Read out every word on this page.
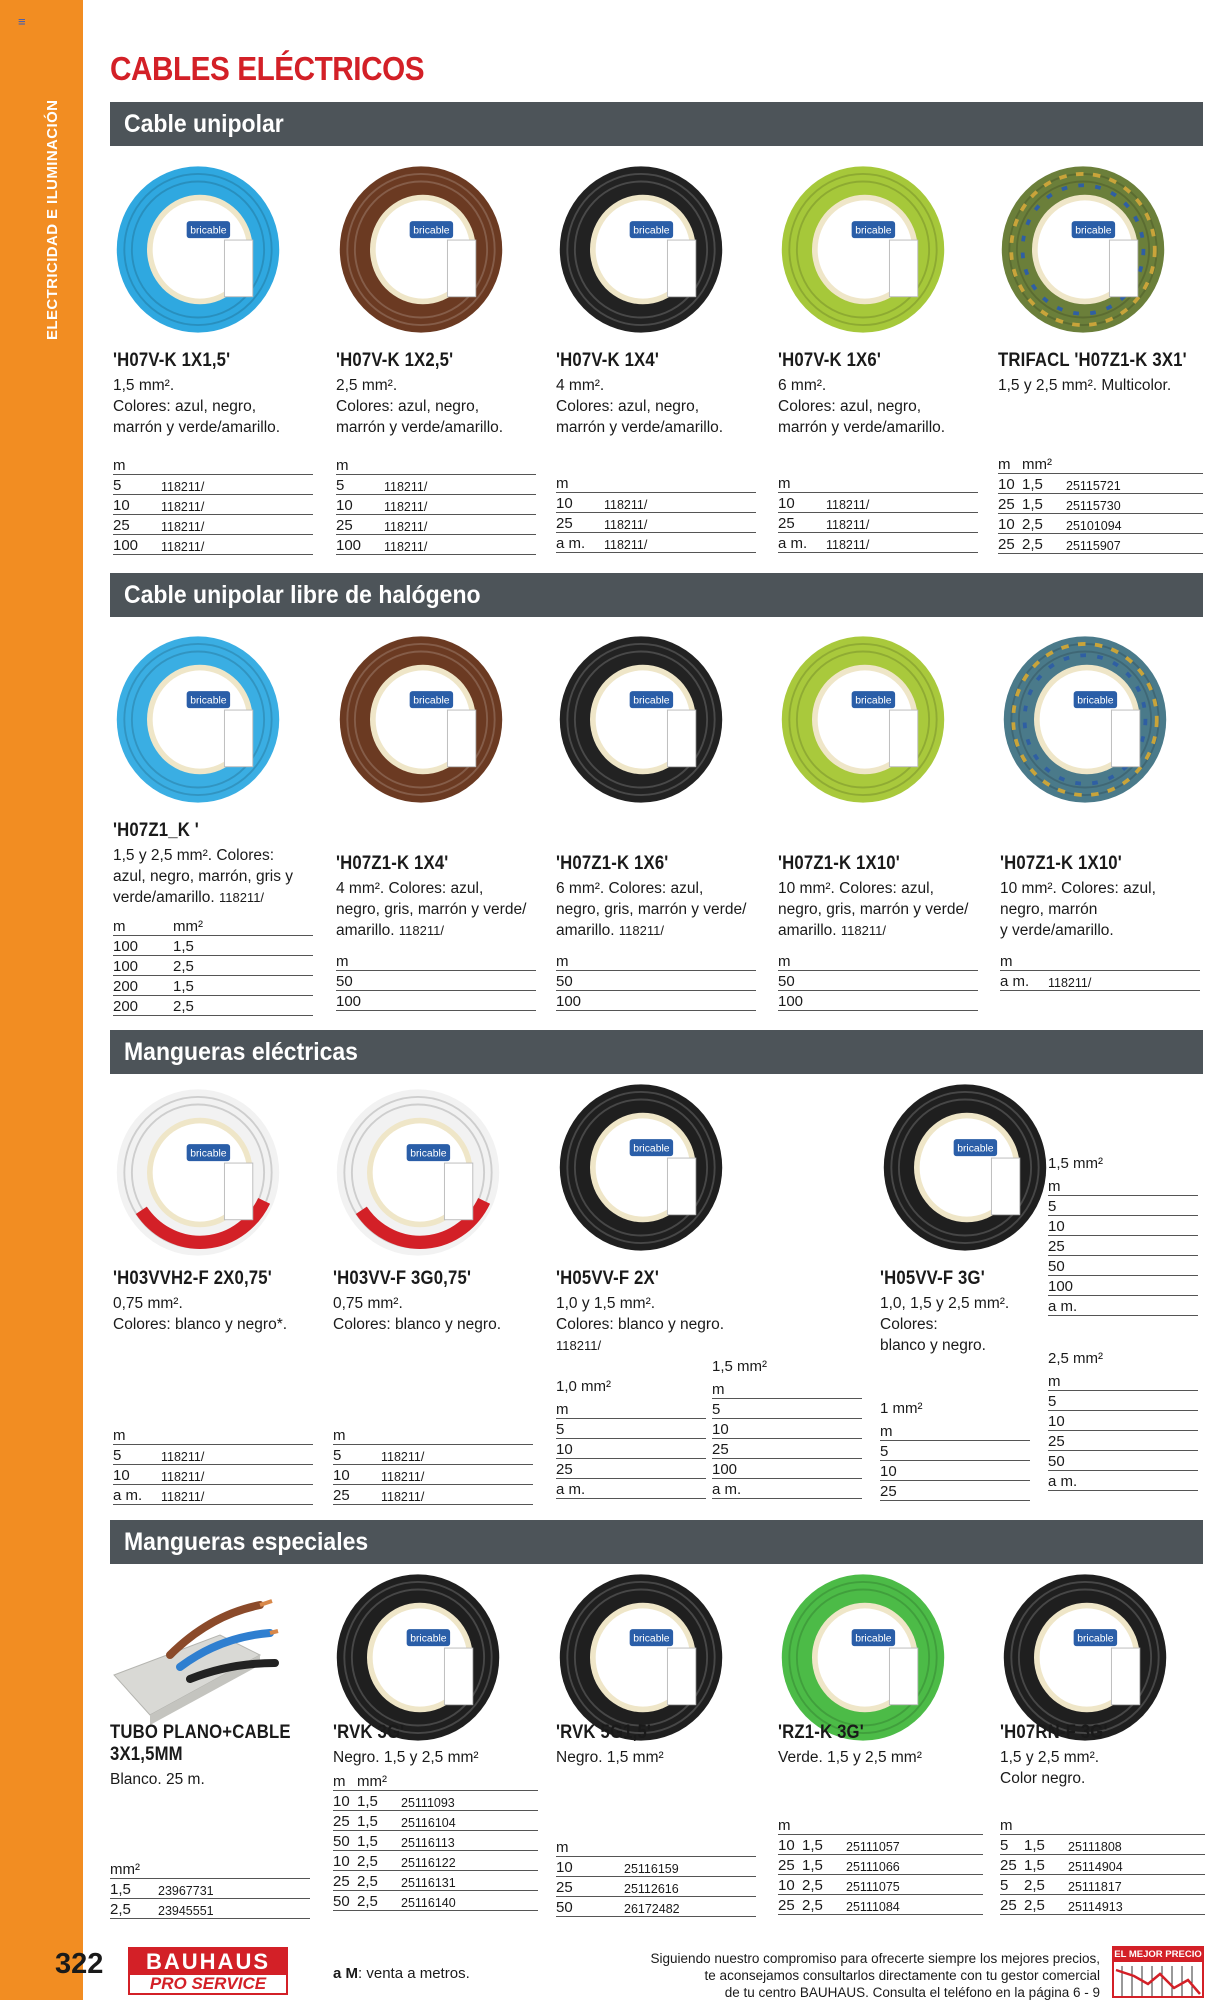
≡
ELECTRICIDAD E ILUMINACIÓN
CABLES ELÉCTRICOS
Cable unipolar
Cable unipolar libre de halógeno
Mangueras eléctricas
Mangueras especiales
bricable
'H07V-K 1X1,5'
1,5 mm².
Colores: azul, negro,
marrón y verde/amarillo.
m	
5	118211/
10	118211/
25	118211/
100	118211/
bricable
'H07V-K 1X2,5'
2,5 mm².
Colores: azul, negro,
marrón y verde/amarillo.
m	
5	118211/
10	118211/
25	118211/
100	118211/
bricable
'H07V-K 1X4'
4 mm².
Colores: azul, negro,
marrón y verde/amarillo.
m	
10	118211/
25	118211/
a m.	118211/
bricable
'H07V-K 1X6'
6 mm².
Colores: azul, negro,
marrón y verde/amarillo.
m	
10	118211/
25	118211/
a m.	118211/
bricable
TRIFACL 'H07Z1-K 3X1'
1,5 y 2,5 mm². Multicolor.
m	mm²	
10	1,5	25115721
25	1,5	25115730
10	2,5	25101094
25	2,5	25115907
bricable
'H07Z1_K '
1,5 y 2,5 mm². Colores:
azul, negro, marrón, gris y
verde/amarillo. 118211/
m	mm²
100	1,5
100	2,5
200	1,5
200	2,5
bricable
'H07Z1-K 1X4'
4 mm². Colores: azul,
negro, gris, marrón y verde/
amarillo. 118211/
m
50
100
bricable
'H07Z1-K 1X6'
6 mm². Colores: azul,
negro, gris, marrón y verde/
amarillo. 118211/
m
50
100
bricable
'H07Z1-K 1X10'
10 mm². Colores: azul,
negro, gris, marrón y verde/
amarillo. 118211/
m
50
100
bricable
'H07Z1-K 1X10'
10 mm². Colores: azul,
negro, marrón
y verde/amarillo.
m	
a m.	118211/
bricable
'H03VVH2-F 2X0,75'
0,75 mm².
Colores: blanco y negro*.
m	
5	118211/
10	118211/
a m.	118211/
bricable
'H03VV-F 3G0,75'
0,75 mm².
Colores: blanco y negro.
m	
5	118211/
10	118211/
25	118211/
bricable
'H05VV-F 2X'
1,0 y 1,5 mm².
Colores: blanco y negro. 118211/
1,0 mm²
m
5
10
25
a m.
1,5 mm²
m
5
10
25
100
a m.
bricable
'H05VV-F 3G'
1,0, 1,5 y 2,5 mm².
Colores:
blanco y negro.
1 mm²
m
5
10
25
1,5 mm²
m
5
10
25
50
100
a m.
2,5 mm²
m
5
10
25
50
a m.
TUBO PLANO+CABLE
3X1,5MM
Blanco. 25 m.
mm²	
1,5	23967731
2,5	23945551
bricable
'RVK 3G'
Negro. 1,5 y 2,5 mm²
m	mm²	
10	1,5	25111093
25	1,5	25116104
50	1,5	25116113
10	2,5	25116122
25	2,5	25116131
50	2,5	25116140
bricable
'RVK 5G1,5'
Negro. 1,5 mm²
m	
10	25116159
25	25112616
50	26172482
bricable
'RZ1-K 3G'
Verde. 1,5 y 2,5 mm²
m		
10	1,5	25111057
25	1,5	25111066
10	2,5	25111075
25	2,5	25111084
bricable
'H07RN-F 3G'
1,5 y 2,5 mm².
Color negro.
m		
5	1,5	25111808
25	1,5	25114904
5	2,5	25111817
25	2,5	25114913
322	BAUHAUS
PRO SERVICE
a M: venta a metros.
Siguiendo nuestro compromiso para ofrecerte siempre los mejores precios,
te aconsejamos consultarlos directamente con tu gestor comercial
de tu centro BAUHAUS. Consulta el teléfono en la página 6 - 9
EL MEJOR PRECIO
